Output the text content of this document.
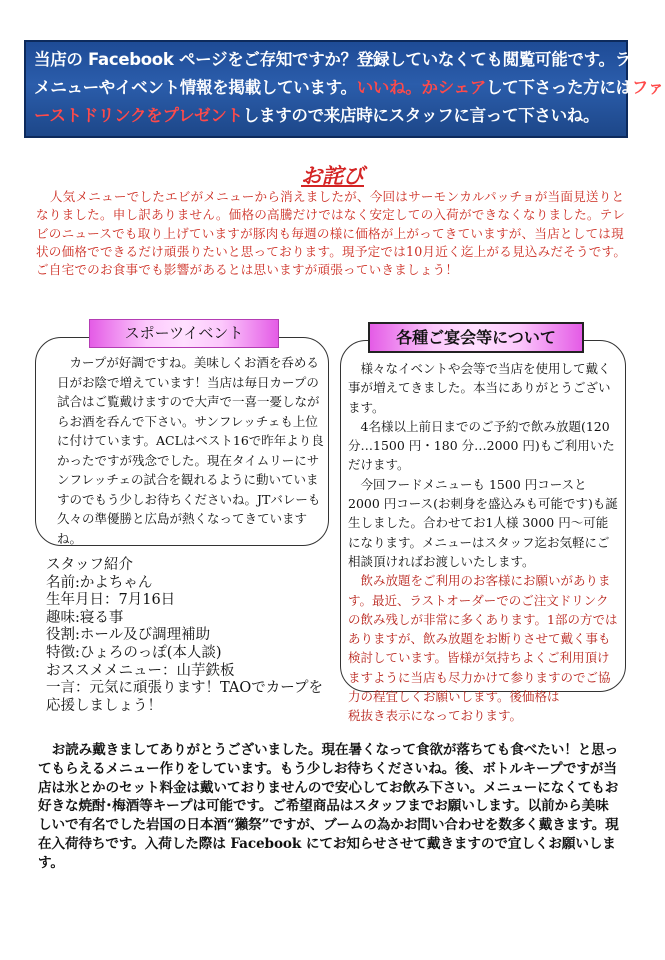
当店の Facebook ページをご存知ですか？登録していなくても閲覧可能です。ランチ
メニューやイベント情報を掲載しています。いいね。かシェアして下さった方にはファ
ーストドリンクをプレゼントしますので来店時にスタッフに言って下さいね。
お詫び
人気メニューでしたエビがメニューから消えましたが、今回はサーモンカルパッチョが当面見送りとなりました。申し訳ありません。価格の高騰だけではなく安定しての入荷ができなくなりました。テレビのニュースでも取り上げていますが豚肉も毎週の様に価格が上がってきていますが、当店としては現状の価格でできるだけ頑張りたいと思っております。現予定では10月近く迄上がる見込みだそうです。ご自宅でのお食事でも影響があるとは思いますが頑張っていきましょう！
スポーツイベント
カープが好調ですね。美味しくお酒を呑める日がお陰で増えています！当店は毎日カープの試合はご覧戴けますので大声で一喜一憂しながらお酒を呑んで下さい。サンフレッチェも上位に付けています。ACLはベスト16で昨年より良かったですが残念でした。現在タイムリーにサンフレッチェの試合を観れるように動いていますのでもう少しお待ちくださいね。JTバレーも久々の準優勝と広島が熱くなってきていますね。
各種ご宴会等について
様々なイベントや会等で当店を使用して戴く事が増えてきました。本当にありがとうございます。
4名様以上前日までのご予約で飲み放題(120分…1500 円・180 分…2000 円)もご利用いただけます。
今回フードメニューも 1500 円コースと 2000 円コース(お刺身を盛込みも可能です)も誕生しました。合わせてお1人様 3000 円～可能になります。メニューはスタッフ迄お気軽にご相談頂ければお渡しいたします。
飲み放題をご利用のお客様にお願いがあります。最近、ラストオーダーでのご注文ドリンクの飲み残しが非常に多くあります。1部の方ではありますが、飲み放題をお断りさせて戴く事も検討しています。皆様が気持ちよくご利用頂けますように当店も尽力かけて参りますのでご協力の程宜しくお願いします。後価格は
税抜き表示になっております。
スタッフ紹介
名前:かよちゃん
生年月日：7月16日
趣味:寝る事
役割:ホール及び調理補助
特徴:ひょろのっぽ(本人談)
おススメメニュー：山芋鉄板
一言：元気に頑張ります！TAOでカープを応援しましょう！
お読み戴きましてありがとうございました。現在暑くなって食欲が落ちても食べたい！と思ってもらえるメニュー作りをしています。もう少しお待ちくださいね。後、ボトルキープですが当店は氷とかのセット料金は戴いておりませんので安心してお飲み下さい。メニューになくてもお好きな焼酎･梅酒等キープは可能です。ご希望商品はスタッフまでお願いします。以前から美味しいで有名でした岩国の日本酒“獺祭”ですが、ブームの為かお問い合わせを数多く戴きます。現在入荷待ちです。入荷した際は Facebook にてお知らせさせて戴きますので宜しくお願いします。
